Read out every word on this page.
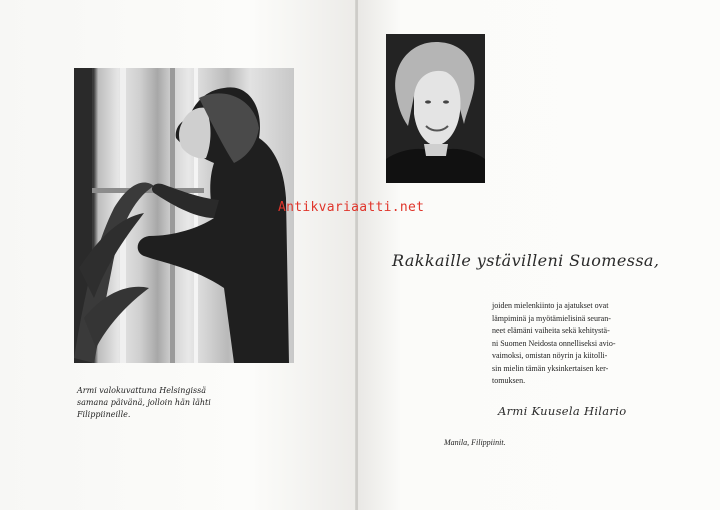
Armi valokuvattuna Helsingissä
samana päivänä, jolloin hän lähti
Filippiineille.
Antikvariaatti.net
Rakkaille ystävilleni Suomessa,
joiden mielenkiinto ja ajatukset ovat
lämpiminä ja myötämielisinä seuran-
neet elämäni vaiheita sekä kehitystä-
ni Suomen Neidosta onnelliseksi avio-
vaimoksi, omistan nöyrin ja kiitolli-
sin mielin tämän yksinkertaisen ker-
tomuksen.
Armi Kuusela Hilario
Manila, Filippiinit.
